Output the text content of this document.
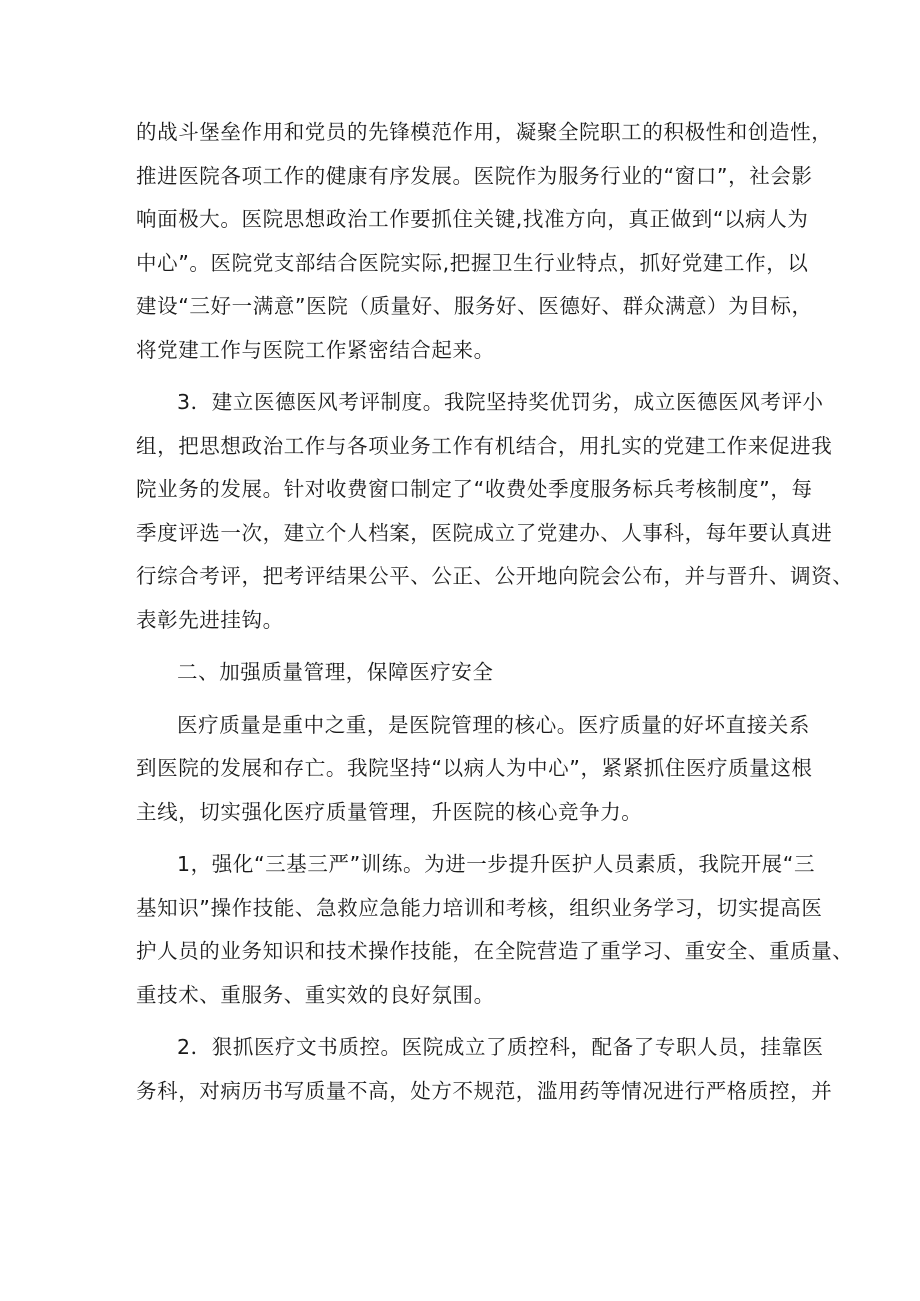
的战斗堡垒作用和党员的先锋模范作用，凝聚全院职工的积极性和创造性，
推进医院各项工作的健康有序发展。医院作为服务行业的“窗口”，社会影
响面极大。医院思想政治工作要抓住关键,找准方向，真正做到“以病人为
中心”。医院党支部结合医院实际,把握卫生行业特点，抓好党建工作，以
建设“三好一满意”医院（质量好、服务好、医德好、群众满意）为目标，
将党建工作与医院工作紧密结合起来。
3．建立医德医风考评制度。我院坚持奖优罚劣，成立医德医风考评小
组，把思想政治工作与各项业务工作有机结合，用扎实的党建工作来促进我
院业务的发展。针对收费窗口制定了“收费处季度服务标兵考核制度”，每
季度评选一次，建立个人档案，医院成立了党建办、人事科，每年要认真进
行综合考评，把考评结果公平、公正、公开地向院会公布，并与晋升、调资、
表彰先进挂钩。
二、加强质量管理，保障医疗安全
医疗质量是重中之重，是医院管理的核心。医疗质量的好坏直接关系
到医院的发展和存亡。我院坚持“以病人为中心”，紧紧抓住医疗质量这根
主线，切实强化医疗质量管理，升医院的核心竞争力。
1，强化“三基三严”训练。为进一步提升医护人员素质，我院开展“三
基知识”操作技能、急救应急能力培训和考核，组织业务学习，切实提高医
护人员的业务知识和技术操作技能，在全院营造了重学习、重安全、重质量、
重技术、重服务、重实效的良好氛围。
2．狠抓医疗文书质控。医院成立了质控科，配备了专职人员，挂靠医
务科，对病历书写质量不高，处方不规范，滥用药等情况进行严格质控，并
